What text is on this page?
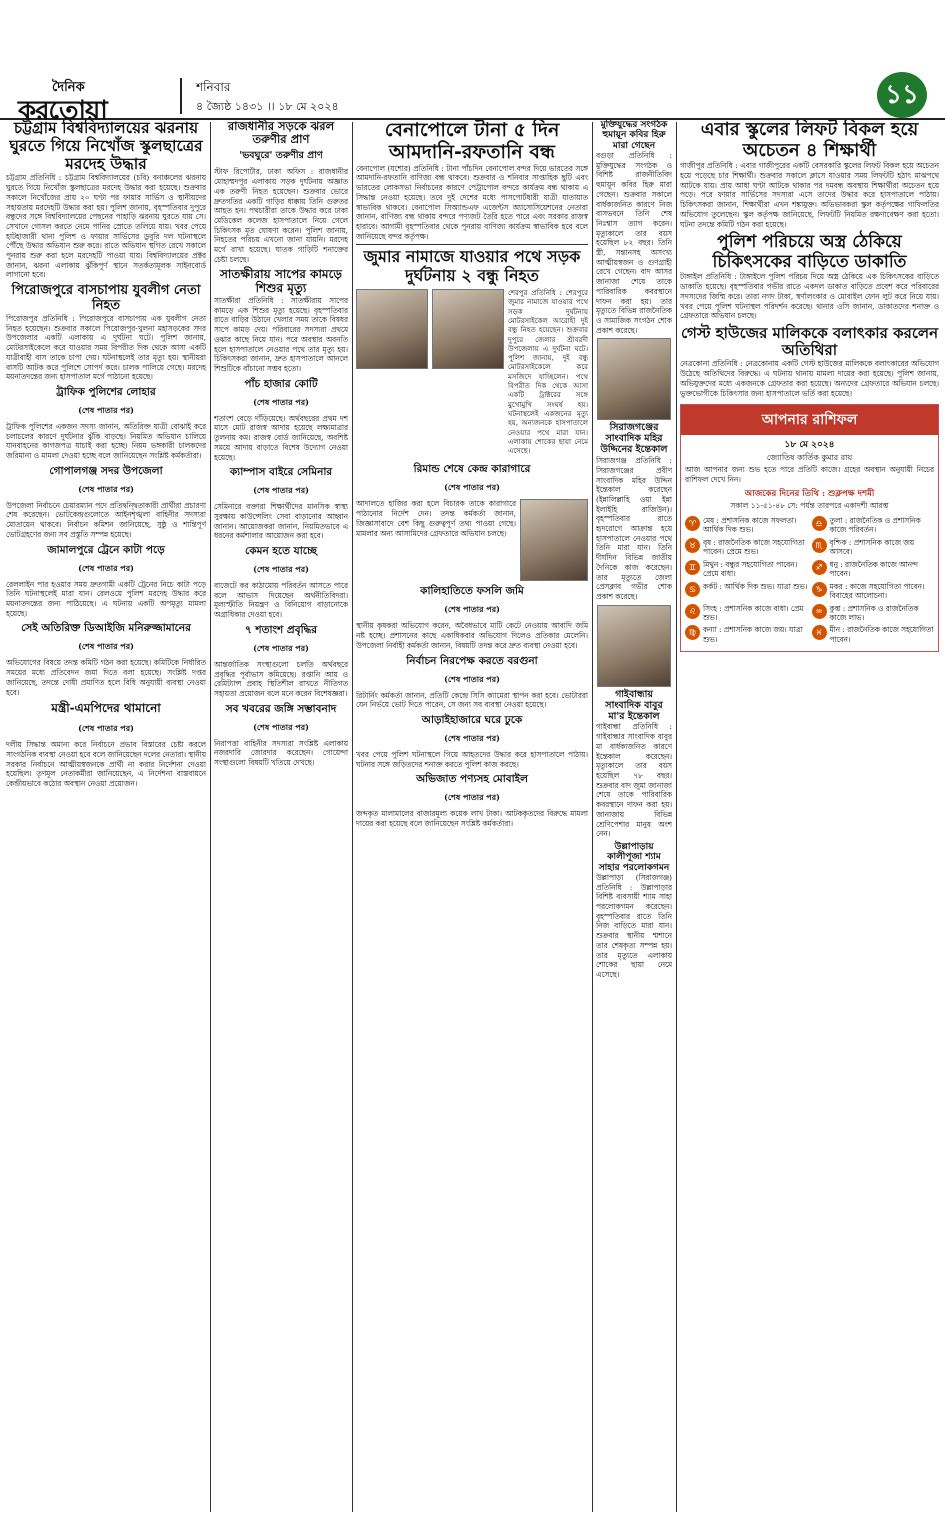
দৈনিক
করতোয়া
শনিবার
৪ জ্যৈষ্ঠ ১৪৩১ ।। ১৮ মে ২০২৪	১১
চট্টগ্রাম বিশ্ববিদ্যালয়ের ঝরনায় ঘুরতে গিয়ে নিখোঁজ স্কুলছাত্রের মরদেহ উদ্ধার

চট্টগ্রাম প্রতিনিধি : চট্টগ্রাম বিশ্ববিদ্যালয়ের (চবি) বনাঞ্চলের ঝরনায় ঘুরতে গিয়ে নিখোঁজ স্কুলছাত্রের মরদেহ উদ্ধার করা হয়েছে। শুক্রবার সকালে নিখোঁজের প্রায় ২০ ঘণ্টা পর ফায়ার সার্ভিস ও স্থানীয়দের সহায়তায় মরদেহটি উদ্ধার করা হয়। পুলিশ জানায়, বৃহস্পতিবার দুপুরে বন্ধুদের সঙ্গে বিশ্ববিদ্যালয়ের পেছনের পাহাড়ি ঝরনায় ঘুরতে যায় সে। সেখানে গোসল করতে নেমে পানির স্রোতে তলিয়ে যায়। খবর পেয়ে হাটহাজারী থানা পুলিশ ও ফায়ার সার্ভিসের ডুবুরি দল ঘটনাস্থলে পৌঁছে উদ্ধার অভিযান শুরু করে। রাতে অভিযান স্থগিত রেখে সকালে পুনরায় শুরু করা হলে মরদেহটি পাওয়া যায়। বিশ্ববিদ্যালয়ের প্রক্টর জানান, ঝরনা এলাকায় ঝুঁকিপূর্ণ স্থানে সতর্কতামূলক সাইনবোর্ড লাগানো হবে।

পিরোজপুরে বাসচাপায় যুবলীগ নেতা নিহত

পিরোজপুর প্রতিনিধি : পিরোজপুরে বাসচাপায় এক যুবলীগ নেতা নিহত হয়েছেন। শুক্রবার সকালে পিরোজপুর-খুলনা মহাসড়কের সদর উপজেলার একটি এলাকায় এ দুর্ঘটনা ঘটে। পুলিশ জানায়, মোটরসাইকেলে করে যাওয়ার সময় বিপরীত দিক থেকে আসা একটি যাত্রীবাহী বাস তাকে চাপা দেয়। ঘটনাস্থলেই তার মৃত্যু হয়। স্থানীয়রা বাসটি আটক করে পুলিশে সোপর্দ করে। চালক পালিয়ে গেছে। মরদেহ ময়নাতদন্তের জন্য হাসপাতাল মর্গে পাঠানো হয়েছে।

ট্রাফিক পুলিশের লোহার
(শেষ পাতার পর)

ট্রাফিক পুলিশের একজন সদস্য জানান, অতিরিক্ত যাত্রী বোঝাই করে চলাচলের কারণে দুর্ঘটনার ঝুঁকি বাড়ছে। নিয়মিত অভিযান চালিয়ে যানবাহনের কাগজপত্র যাচাই করা হচ্ছে। নিয়ম ভঙ্গকারী চালকদের জরিমানা ও মামলা দেওয়া হচ্ছে বলে জানিয়েছেন সংশ্লিষ্ট কর্মকর্তারা।

গোপালগঞ্জ সদর উপজেলা
(শেষ পাতার পর)

উপজেলা নির্বাচনে চেয়ারম্যান পদে প্রতিদ্বন্দ্বিতাকারী প্রার্থীরা প্রচারণা শেষ করেছেন। ভোটকেন্দ্রগুলোতে আইনশৃঙ্খলা বাহিনীর সদস্যরা মোতায়েন থাকবে। নির্বাচন কমিশন জানিয়েছে, সুষ্ঠু ও শান্তিপূর্ণ ভোটগ্রহণের জন্য সব প্রস্তুতি সম্পন্ন হয়েছে।

জামালপুরে ট্রেনে কাটা পড়ে
(শেষ পাতার পর)

রেললাইন পার হওয়ার সময় দ্রুতগামী একটি ট্রেনের নিচে কাটা পড়ে তিনি ঘটনাস্থলেই মারা যান। রেলওয়ে পুলিশ মরদেহ উদ্ধার করে ময়নাতদন্তের জন্য পাঠিয়েছে। এ ঘটনায় একটি অপমৃত্যু মামলা হয়েছে।

সেই অতিরিক্ত ডিআইজি মনিরুজ্জামানের
(শেষ পাতার পর)

অভিযোগের বিষয়ে তদন্ত কমিটি গঠন করা হয়েছে। কমিটিকে নির্ধারিত সময়ের মধ্যে প্রতিবেদন জমা দিতে বলা হয়েছে। সংশ্লিষ্ট দপ্তর জানিয়েছে, তদন্তে দোষী প্রমাণিত হলে বিধি অনুযায়ী ব্যবস্থা নেওয়া হবে।

মন্ত্রী-এমপিদের থামানো
(শেষ পাতার পর)

দলীয় সিদ্ধান্ত অমান্য করে নির্বাচনে প্রভাব বিস্তারের চেষ্টা করলে সাংগঠনিক ব্যবস্থা নেওয়া হবে বলে জানিয়েছেন দলের নেতারা। স্থানীয় সরকার নির্বাচনে আত্মীয়স্বজনকে প্রার্থী না করার নির্দেশনা দেওয়া হয়েছিল। তৃণমূল নেতাকর্মীরা জানিয়েছেন, এ নির্দেশনা বাস্তবায়নে কেন্দ্রীয়ভাবে কঠোর অবস্থান নেওয়া প্রয়োজন।

রাজধানীর সড়কে ঝরল তরুণীর প্রাণ
'ভবঘুরে' তরুণীর প্রাণ

স্টাফ রিপোর্টার, ঢাকা অফিস : রাজধানীর মোহাম্মদপুর এলাকায় সড়ক দুর্ঘটনায় অজ্ঞাত এক তরুণী নিহত হয়েছেন। শুক্রবার ভোরে দ্রুতগতির একটি গাড়ির ধাক্কায় তিনি গুরুতর আহত হন। পথচারীরা তাকে উদ্ধার করে ঢাকা মেডিকেল কলেজ হাসপাতালে নিয়ে গেলে চিকিৎসক মৃত ঘোষণা করেন। পুলিশ জানায়, নিহতের পরিচয় এখনো জানা যায়নি। মরদেহ মর্গে রাখা হয়েছে। ঘাতক গাড়িটি শনাক্তের চেষ্টা চলছে।

সাতক্ষীরায় সাপের কামড়ে শিশুর মৃত্যু

সাতক্ষীরা প্রতিনিধি : সাতক্ষীরায় সাপের কামড়ে এক শিশুর মৃত্যু হয়েছে। বৃহস্পতিবার রাতে বাড়ির উঠানে খেলার সময় তাকে বিষধর সাপে কামড় দেয়। পরিবারের সদস্যরা প্রথমে ওঝার কাছে নিয়ে যান। পরে অবস্থার অবনতি হলে হাসপাতালে নেওয়ার পথে তার মৃত্যু হয়। চিকিৎসকরা জানান, দ্রুত হাসপাতালে আনলে শিশুটিকে বাঁচানো সম্ভব হতো।

পাঁচ হাজার কোটি
(শেষ পাতার পর)

শতাংশ বেড়ে দাঁড়িয়েছে। অর্থবছরের প্রথম দশ মাসে মোট রাজস্ব আদায় হয়েছে লক্ষ্যমাত্রার তুলনায় কম। রাজস্ব বোর্ড জানিয়েছে, অবশিষ্ট সময়ে আদায় বাড়াতে বিশেষ উদ্যোগ নেওয়া হয়েছে।

ক্যাম্পাস বাইরে সেমিনার
(শেষ পাতার পর)

সেমিনারে বক্তারা শিক্ষার্থীদের মানসিক স্বাস্থ্য সুরক্ষায় কাউন্সেলিং সেবা বাড়ানোর আহ্বান জানান। আয়োজকরা জানান, নিয়মিতভাবে এ ধরনের কর্মশালার আয়োজন করা হবে।

কেমন হতে যাচ্ছে
(শেষ পাতার পর)

বাজেটে কর কাঠামোয় পরিবর্তন আসতে পারে বলে আভাস দিয়েছেন অর্থনীতিবিদরা। মূল্যস্ফীতি নিয়ন্ত্রণ ও বিনিয়োগ বাড়ানোকে অগ্রাধিকার দেওয়া হবে।

৭ শতাংশ প্রবৃদ্ধির
(শেষ পাতার পর)

আন্তর্জাতিক সংস্থাগুলো চলতি অর্থবছরে প্রবৃদ্ধির পূর্বাভাস কমিয়েছে। রপ্তানি আয় ও রেমিট্যান্স প্রবাহ স্থিতিশীল রাখতে নীতিগত সহায়তা প্রয়োজন বলে মনে করেন বিশেষজ্ঞরা।

সব খবরের জঙ্গি সম্ভাবনাদ
(শেষ পাতার পর)

নিরাপত্তা বাহিনীর সদস্যরা সংশ্লিষ্ট এলাকায় নজরদারি জোরদার করেছেন। গোয়েন্দা সংস্থাগুলো বিষয়টি খতিয়ে দেখছে।

বেনাপোলে টানা ৫ দিন আমদানি-রফতানি বন্ধ

বেনাপোল (যশোর) প্রতিনিধি : টানা পাঁচদিন বেনাপোল বন্দর দিয়ে ভারতের সঙ্গে আমদানি-রফতানি বাণিজ্য বন্ধ থাকবে। শুক্রবার ও শনিবার সাপ্তাহিক ছুটি এবং ভারতের লোকসভা নির্বাচনের কারণে পেট্রাপোল বন্দরে কার্যক্রম বন্ধ থাকায় এ সিদ্ধান্ত নেওয়া হয়েছে। তবে দুই দেশের মধ্যে পাসপোর্টধারী যাত্রী যাতায়াত স্বাভাবিক থাকবে। বেনাপোল সিঅ্যান্ডএফ এজেন্টস অ্যাসোসিয়েশনের নেতারা জানান, বাণিজ্য বন্ধ থাকায় বন্দরে পণ্যজট তৈরি হতে পারে এবং সরকার রাজস্ব হারাবে। আগামী বৃহস্পতিবার থেকে পুনরায় বাণিজ্য কার্যক্রম স্বাভাবিক হবে বলে জানিয়েছে বন্দর কর্তৃপক্ষ।

জুমার নামাজে যাওয়ার পথে সড়ক দুর্ঘটনায় ২ বন্ধু নিহত

শেরপুর প্রতিনিধি : শেরপুরে জুমার নামাজে যাওয়ার পথে সড়ক দুর্ঘটনায় মোটরসাইকেল আরোহী দুই বন্ধু নিহত হয়েছেন। শুক্রবার দুপুরে জেলার শ্রীবরদী উপজেলায় এ দুর্ঘটনা ঘটে। পুলিশ জানায়, দুই বন্ধু মোটরসাইকেলে করে মসজিদে যাচ্ছিলেন। পথে বিপরীত দিক থেকে আসা একটি ট্রাক্টরের সঙ্গে মুখোমুখি সংঘর্ষ হয়। ঘটনাস্থলেই একজনের মৃত্যু হয়, অন্যজনকে হাসপাতালে নেওয়ার পথে মারা যান। এলাকায় শোকের ছায়া নেমে এসেছে।

রিমান্ড শেষে কেন্দ্র কারাগারে
(শেষ পাতার পর)

আদালতে হাজির করা হলে বিচারক তাকে কারাগারে পাঠানোর নির্দেশ দেন। তদন্ত কর্মকর্তা জানান, জিজ্ঞাসাবাদে বেশ কিছু গুরুত্বপূর্ণ তথ্য পাওয়া গেছে। মামলার অন্য আসামিদের গ্রেফতারে অভিযান চলছে।

কালিহাতিতে ফসলি জমি
(শেষ পাতার পর)

স্থানীয় কৃষকরা অভিযোগ করেন, অবৈধভাবে মাটি কেটে নেওয়ায় আবাদি জমি নষ্ট হচ্ছে। প্রশাসনের কাছে একাধিকবার অভিযোগ দিলেও প্রতিকার মেলেনি। উপজেলা নির্বাহী কর্মকর্তা জানান, বিষয়টি তদন্ত করে দ্রুত ব্যবস্থা নেওয়া হবে।

নির্বাচন নিরপেক্ষ করতে বরগুনা
(শেষ পাতার পর)

রিটার্নিং কর্মকর্তা জানান, প্রতিটি কেন্দ্রে সিসি ক্যামেরা স্থাপন করা হবে। ভোটাররা যেন নির্ভয়ে ভোট দিতে পারেন, সে জন্য সব ব্যবস্থা নেওয়া হয়েছে।

আড়াইহাজারে ঘরে ঢুকে
(শেষ পাতার পর)

খবর পেয়ে পুলিশ ঘটনাস্থলে গিয়ে আহতদের উদ্ধার করে হাসপাতালে পাঠায়। ঘটনার সঙ্গে জড়িতদের শনাক্ত করতে পুলিশ কাজ করছে।

অভিজাত পণ্যসহ মোবাইল
(শেষ পাতার পর)

জব্দকৃত মালামালের বাজারমূল্য কয়েক লাখ টাকা। আটককৃতদের বিরুদ্ধে মামলা দায়ের করা হয়েছে বলে জানিয়েছেন সংশ্লিষ্ট কর্মকর্তারা।

মুক্তিযুদ্ধের সংগঠক হুমায়ূন কবির হিরু মারা গেছেন

বগুড়া প্রতিনিধি : মুক্তিযুদ্ধের সংগঠক ও বিশিষ্ট রাজনীতিবিদ হুমায়ূন কবির হিরু মারা গেছেন। শুক্রবার সকালে বার্ধক্যজনিত কারণে নিজ বাসভবনে তিনি শেষ নিঃশ্বাস ত্যাগ করেন। মৃত্যুকালে তার বয়স হয়েছিল ৮২ বছর। তিনি স্ত্রী, সন্তানসহ অসংখ্য আত্মীয়স্বজন ও গুণগ্রাহী রেখে গেছেন। বাদ আসর জানাজা শেষে তাকে পারিবারিক কবরস্থানে দাফন করা হয়। তার মৃত্যুতে বিভিন্ন রাজনৈতিক ও সামাজিক সংগঠন শোক প্রকাশ করেছে।

সিরাজগঞ্জের সাংবাদিক মহির উদ্দিনের ইন্তেকাল

সিরাজগঞ্জ প্রতিনিধি : সিরাজগঞ্জের প্রবীণ সাংবাদিক মহির উদ্দিন ইন্তেকাল করেছেন (ইন্নালিল্লাহি ওয়া ইন্না ইলাইহি রাজিউন)। বৃহস্পতিবার রাতে হৃদরোগে আক্রান্ত হয়ে হাসপাতালে নেওয়ার পথে তিনি মারা যান। তিনি দীর্ঘদিন বিভিন্ন জাতীয় দৈনিকে কাজ করেছেন। তার মৃত্যুতে জেলা প্রেসক্লাব গভীর শোক প্রকাশ করেছে।

গাইবান্ধায় সাংবাদিক বাবুর মা'র ইন্তেকাল

গাইবান্ধা প্রতিনিধি : গাইবান্ধার সাংবাদিক বাবুর মা বার্ধক্যজনিত কারণে ইন্তেকাল করেছেন। মৃত্যুকালে তার বয়স হয়েছিল ৭৮ বছর। শুক্রবার বাদ জুমা জানাজা শেষে তাকে পারিবারিক কবরস্থানে দাফন করা হয়। জানাজায় বিভিন্ন শ্রেণিপেশার মানুষ অংশ নেন।

উল্লাপাড়ায় কালীপূজা শ্যাম সাহার পরলোকগমন

উল্লাপাড়া (সিরাজগঞ্জ) প্রতিনিধি : উল্লাপাড়ার বিশিষ্ট ব্যবসায়ী শ্যাম সাহা পরলোকগমন করেছেন। বৃহস্পতিবার রাতে তিনি নিজ বাড়িতে মারা যান। শুক্রবার স্থানীয় শ্মশানে তার শেষকৃত্য সম্পন্ন হয়। তার মৃত্যুতে এলাকায় শোকের ছায়া নেমে এসেছে।

এবার স্কুলের লিফট বিকল হয়ে অচেতন ৪ শিক্ষার্থী

গাজীপুর প্রতিনিধি : এবার গাজীপুরের একটি বেসরকারি স্কুলের লিফট বিকল হয়ে অচেতন হয়ে পড়েছে চার শিক্ষার্থী। শুক্রবার সকালে ক্লাসে যাওয়ার সময় লিফটটি হঠাৎ মাঝপথে আটকে যায়। প্রায় আধা ঘণ্টা আটকে থাকার পর দমবন্ধ অবস্থায় শিক্ষার্থীরা অচেতন হয়ে পড়ে। পরে ফায়ার সার্ভিসের সদস্যরা এসে তাদের উদ্ধার করে হাসপাতালে পাঠায়। চিকিৎসকরা জানান, শিক্ষার্থীরা এখন শঙ্কামুক্ত। অভিভাবকরা স্কুল কর্তৃপক্ষের গাফিলতির অভিযোগ তুলেছেন। স্কুল কর্তৃপক্ষ জানিয়েছে, লিফটটি নিয়মিত রক্ষণাবেক্ষণ করা হতো। ঘটনা তদন্তে কমিটি গঠন করা হয়েছে।

পুলিশ পরিচয়ে অস্ত্র ঠেকিয়ে চিকিৎসকের বাড়িতে ডাকাতি

টাঙ্গাইল প্রতিনিধি : টাঙ্গাইলে পুলিশ পরিচয় দিয়ে অস্ত্র ঠেকিয়ে এক চিকিৎসকের বাড়িতে ডাকাতি হয়েছে। বৃহস্পতিবার গভীর রাতে একদল ডাকাত বাড়িতে প্রবেশ করে পরিবারের সদস্যদের জিম্মি করে। তারা নগদ টাকা, স্বর্ণালংকার ও মোবাইল ফোন লুট করে নিয়ে যায়। খবর পেয়ে পুলিশ ঘটনাস্থল পরিদর্শন করেছে। থানার ওসি জানান, ডাকাতদের শনাক্ত ও গ্রেফতারে অভিযান চলছে।

গেস্ট হাউজের মালিককে বলাৎকার করলেন অতিথিরা

নেত্রকোনা প্রতিনিধি : নেত্রকোনায় একটি গেস্ট হাউজের মালিককে বলাৎকারের অভিযোগ উঠেছে অতিথিদের বিরুদ্ধে। এ ঘটনায় থানায় মামলা দায়ের করা হয়েছে। পুলিশ জানায়, অভিযুক্তদের মধ্যে একজনকে গ্রেফতার করা হয়েছে। অন্যদের গ্রেফতারে অভিযান চলছে। ভুক্তভোগীকে চিকিৎসার জন্য হাসপাতালে ভর্তি করা হয়েছে।

আপনার রাশিফল
১৮ মে ২০২৪
জ্যোতিষ কার্তিক কুমার রায়

আজ আপনার জন্য শুভ হতে পারে প্রতিটি কাজে। গ্রহের অবস্থান অনুযায়ী নিচের রাশিফল দেখে নিন।

আজকের দিনের তিথি : শুক্লপক্ষ দশমী
সকাল ১১-৫১-৪৮ সে: পর্যন্ত তারপরে একাদশী আরম্ভ
♈ মেষ : প্রশাসনিক কাজে সফলতা। আর্থিক দিক শুভ।
♎ তুলা : রাজনৈতিক ও প্রশাসনিক কাজে পরিবর্তন।
♉ বৃষ : রাজনৈতিক কাজে সহযোগিতা পাবেন। প্রেমে শুভ।
♏ বৃশ্চিক : প্রশাসনিক কাজে জয় আসবে।
♊ মিথুন : বন্ধুর সহযোগিতা পাবেন। প্রেমে বাধা।
♐ ধনু : রাজনৈতিক কাজে আনন্দ পাবেন।
♋ কর্কট : আর্থিক দিক শুভ। যাত্রা শুভ। ♑ মকর : কাজে সহযোগিতা পাবেন। বিবাহের আলোচনা।
♌ সিংহ : প্রশাসনিক কাজে বাধা। প্রেম শুভ।
♒ কুম্ভ : প্রশাসনিক ও রাজনৈতিক কাজে লাভ।
♍ কন্যা : প্রশাসনিক কাজে জয়। যাত্রা শুভ।
♓ মীন : রাজনৈতিক কাজে সহযোগিতা পাবেন।
